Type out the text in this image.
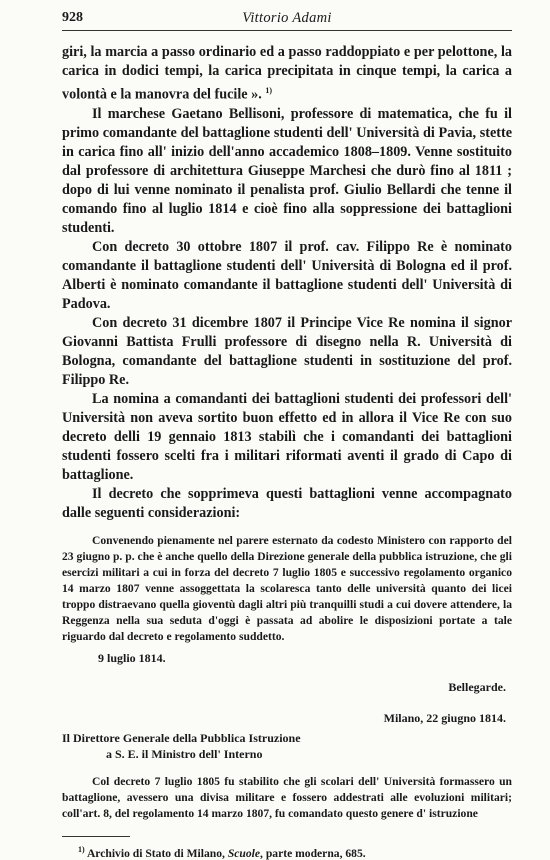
928	Vittorio Adami

giri, la marcia a passo ordinario ed a passo raddoppiato e per pelottone, la carica in dodici tempi, la carica precipitata in cinque tempi, la carica a volontà e la manovra del fucile ». $^{1)}$

Il marchese Gaetano Bellisoni, professore di matematica, che fu il primo comandante del battaglione studenti dell' Università di Pavia, stette in carica fino all' inizio dell'anno accademico 1808–1809. Venne sostituito dal professore di architettura Giuseppe Marchesi che durò fino al 1811 ; dopo di lui venne nominato il penalista prof. Giulio Bellardi che tenne il comando fino al luglio 1814 e cioè fino alla soppressione dei battaglioni studenti.

Con decreto 30 ottobre 1807 il prof. cav. Filippo Re è nominato comandante il battaglione studenti dell' Università di Bologna ed il prof. Alberti è nominato comandante il battaglione studenti dell' Università di Padova.

Con decreto 31 dicembre 1807 il Principe Vice Re nomina il signor Giovanni Battista Frulli professore di disegno nella R. Università di Bologna, comandante del battaglione studenti in sostituzione del prof. Filippo Re.

La nomina a comandanti dei battaglioni studenti dei professori dell' Università non aveva sortito buon effetto ed in allora il Vice Re con suo decreto delli 19 gennaio 1813 stabilì che i comandanti dei battaglioni studenti fossero scelti fra i militari riformati aventi il grado di Capo di battaglione.

Il decreto che sopprimeva questi battaglioni venne accompagnato dalle seguenti considerazioni:

Convenendo pienamente nel parere esternato da codesto Ministero con rapporto del 23 giugno p. p. che è anche quello della Direzione generale della pubblica istruzione, che gli esercizi militari a cui in forza del decreto 7 luglio 1805 e successivo regolamento organico 14 marzo 1807 venne assoggettata la scolaresca tanto delle università quanto dei licei troppo distraevano quella gioventù dagli altri più tranquilli studi a cui dovere attendere, la Reggenza nella sua seduta d'oggi è passata ad abolire le disposizioni portate a tale riguardo dal decreto e regolamento suddetto.

9 luglio 1814.
Bellegarde.
Milano, 22 giugno 1814.
Il Direttore Generale della Pubblica Istruzione
a S. E. il Ministro dell' Interno

Col decreto 7 luglio 1805 fu stabilito che gli scolari dell' Università formassero un battaglione, avessero una divisa militare e fossero addestrati alle evoluzioni militari; coll'art. 8, del regolamento 14 marzo 1807, fu comandato questo genere d' istruzione

$^{1)}$ Archivio di Stato di Milano, Scuole, parte moderna, 685.
